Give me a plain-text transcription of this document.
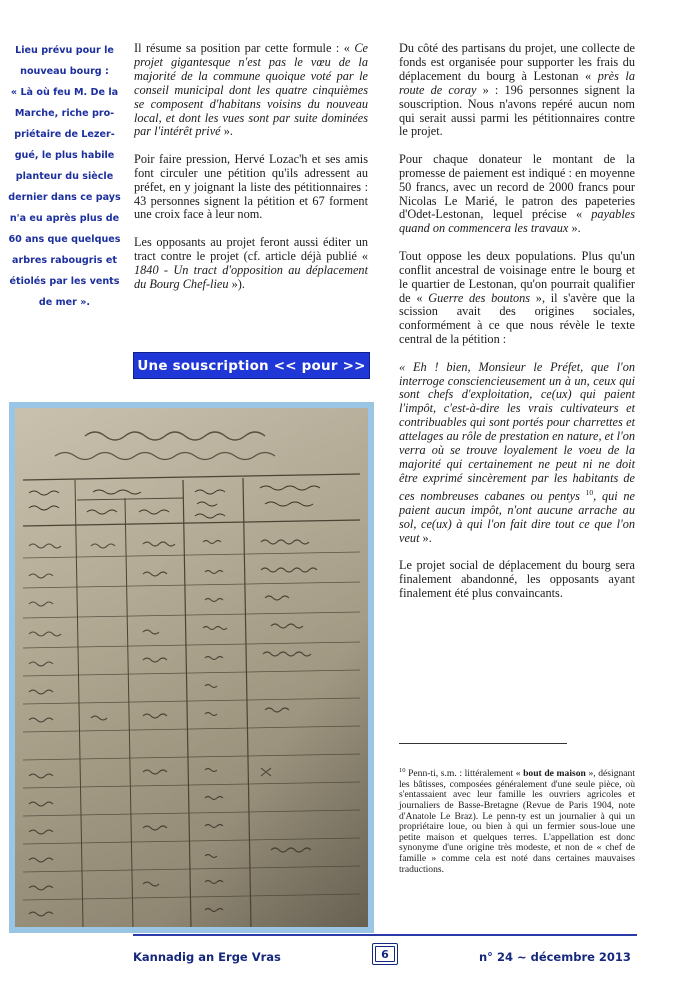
Lieu prévu pour le

nouveau bourg :

« Là où feu M. De la

Marche, riche pro-

priétaire de Lezer-

gué, le plus habile

planteur du siècle

dernier dans ce pays

n'a eu après plus de

60 ans que quelques

arbres rabougris et

étiolés par les vents

de mer ».

Il résume sa position par cette formule : « Ce projet gigantesque n'est pas le vœu de la majorité de la commune quoique voté par le conseil municipal dont les quatre cinquièmes se composent d'habitans voisins du nouveau local, et dont les vues sont par suite dominées par l'intérêt privé ».

Poir faire pression, Hervé Lozac'h et ses amis font circuler une pétition qu'ils adressent au préfet, en y joignant la liste des pétitionnaires : 43 personnes signent la pétition et 67 forment une croix face à leur nom.

Les opposants au projet feront aussi éditer un tract contre le projet (cf. article déjà publié « 1840 - Un tract d'opposition au déplacement du Bourg Chef-lieu »).

Une souscription << pour >>

Du côté des partisans du projet, une collecte de fonds est organisée pour supporter les frais du déplacement du bourg à Lestonan « près la route de coray » : 196 personnes signent la souscription. Nous n'avons repéré aucun nom qui serait aussi parmi les pétitionnaires contre le projet.

Pour chaque donateur le montant de la promesse de paiement est indiqué : en moyenne 50 francs, avec un record de 2000 francs pour Nicolas Le Marié, le patron des papeteries d'Odet-Lestonan, lequel précise « payables quand on commencera les travaux ».

Tout oppose les deux populations. Plus qu'un conflit ancestral de voisinage entre le bourg et le quartier de Lestonan, qu'on pourrait qualifier de « Guerre des boutons », il s'avère que la scission avait des origines sociales, conformément à ce que nous révèle le texte central de la pétition :

« Eh ! bien, Monsieur le Préfet, que l'on interroge consciencieusement un à un, ceux qui sont chefs d'exploitation, ce(ux) qui paient l'impôt, c'est-à-dire les vrais cultivateurs et contribuables qui sont portés pour charrettes et attelages au rôle de prestation en nature, et l'on verra où se trouve loyalement le voeu de la majorité qui certainement ne peut ni ne doit être exprimé sincèrement par les habitants de ces nombreuses cabanes ou pentys $^{10}$, qui ne paient aucun impôt, n'ont aucune arrache au sol, ce(ux) à qui l'on fait dire tout ce que l'on veut ».

Le projet social de déplacement du bourg sera finalement abandonné, les opposants ayant finalement été plus convaincants.

$^{10}$ Penn-ti, s.m. : littéralement « bout de maison », désignant les bâtisses, composées généralement d'une seule pièce, où s'entassaient avec leur famille les ouvriers agricoles et journaliers de Basse-Bretagne (Revue de Paris 1904, note d'Anatole Le Braz). Le penn-ty est un journalier à qui un propriétaire loue, ou bien à qui un fermier sous-loue une petite maison et quelques terres. L'appellation est donc synonyme d'une origine très modeste, et non de « chef de famille » comme cela est noté dans certaines mauvaises traductions.
Kannadig an Erge Vras	6	n° 24 ~ décembre 2013
